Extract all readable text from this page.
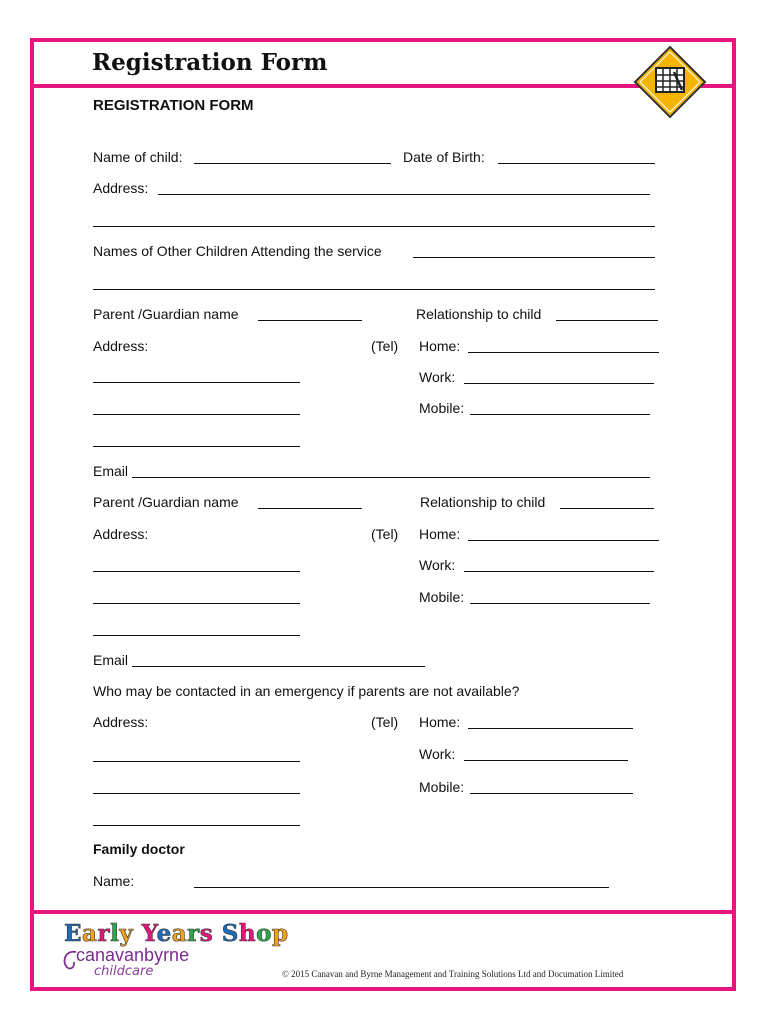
Registration Form
REGISTRATION FORM
Name of child:	Date of Birth:
Address:
Names of Other Children Attending the service
Parent /Guardian name	Relationship to child
Address:	(Tel) Home:
Work:
Mobile:
Email
Parent /Guardian name	Relationship to child
Address:	(Tel) Home:
Work:
Mobile:
Email
Who may be contacted in an emergency if parents are not available?
Address:	(Tel) Home:
Work:
Mobile:
Family doctor
Name:
Early Years Shop
canavanbyrne
childcare	© 2015 Canavan and Byrne Management and Training Solutions Ltd and Documation Limited
